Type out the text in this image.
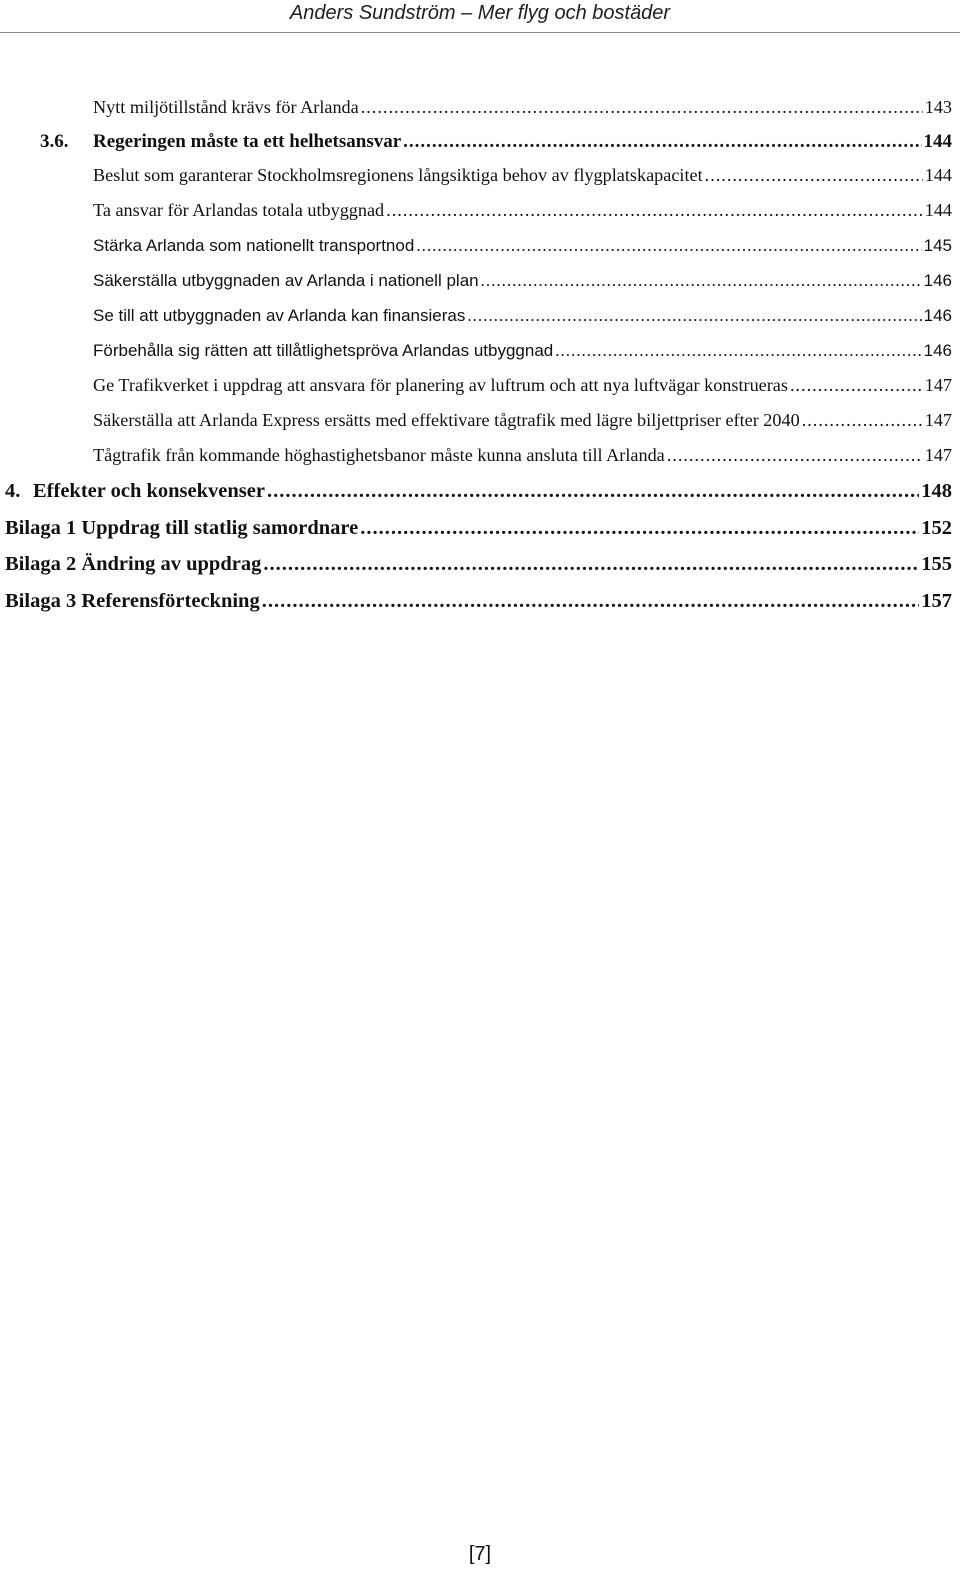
Anders Sundström – Mer flyg och bostäder
Nytt miljötillstånd krävs för Arlanda .....	143
3.6. Regeringen måste ta ett helhetsansvar .....	144
Beslut som garanterar Stockholmsregionens långsiktiga behov av flygplatskapacitet .....	144
Ta ansvar för Arlandas totala utbyggnad .....	144
Stärka Arlanda som nationellt transportnod .....	145
Säkerställa utbyggnaden av Arlanda i nationell plan .....	146
Se till att utbyggnaden av Arlanda kan finansieras .....	146
Förbehålla sig rätten att tillåtlighetspröva Arlandas utbyggnad .....	146
Ge Trafikverket i uppdrag att ansvara för planering av luftrum och att nya luftvägar konstrueras .....	147
Säkerställa att Arlanda Express ersätts med effektivare tågtrafik med lägre biljettpriser efter 2040 .....	147
Tågtrafik från kommande höghastighetsbanor måste kunna ansluta till Arlanda .....	147
4. Effekter och konsekvenser .....	148
Bilaga 1 Uppdrag till statlig samordnare .....	152
Bilaga 2 Ändring av uppdrag .....	155
Bilaga 3 Referensförteckning .....	157
[7]
